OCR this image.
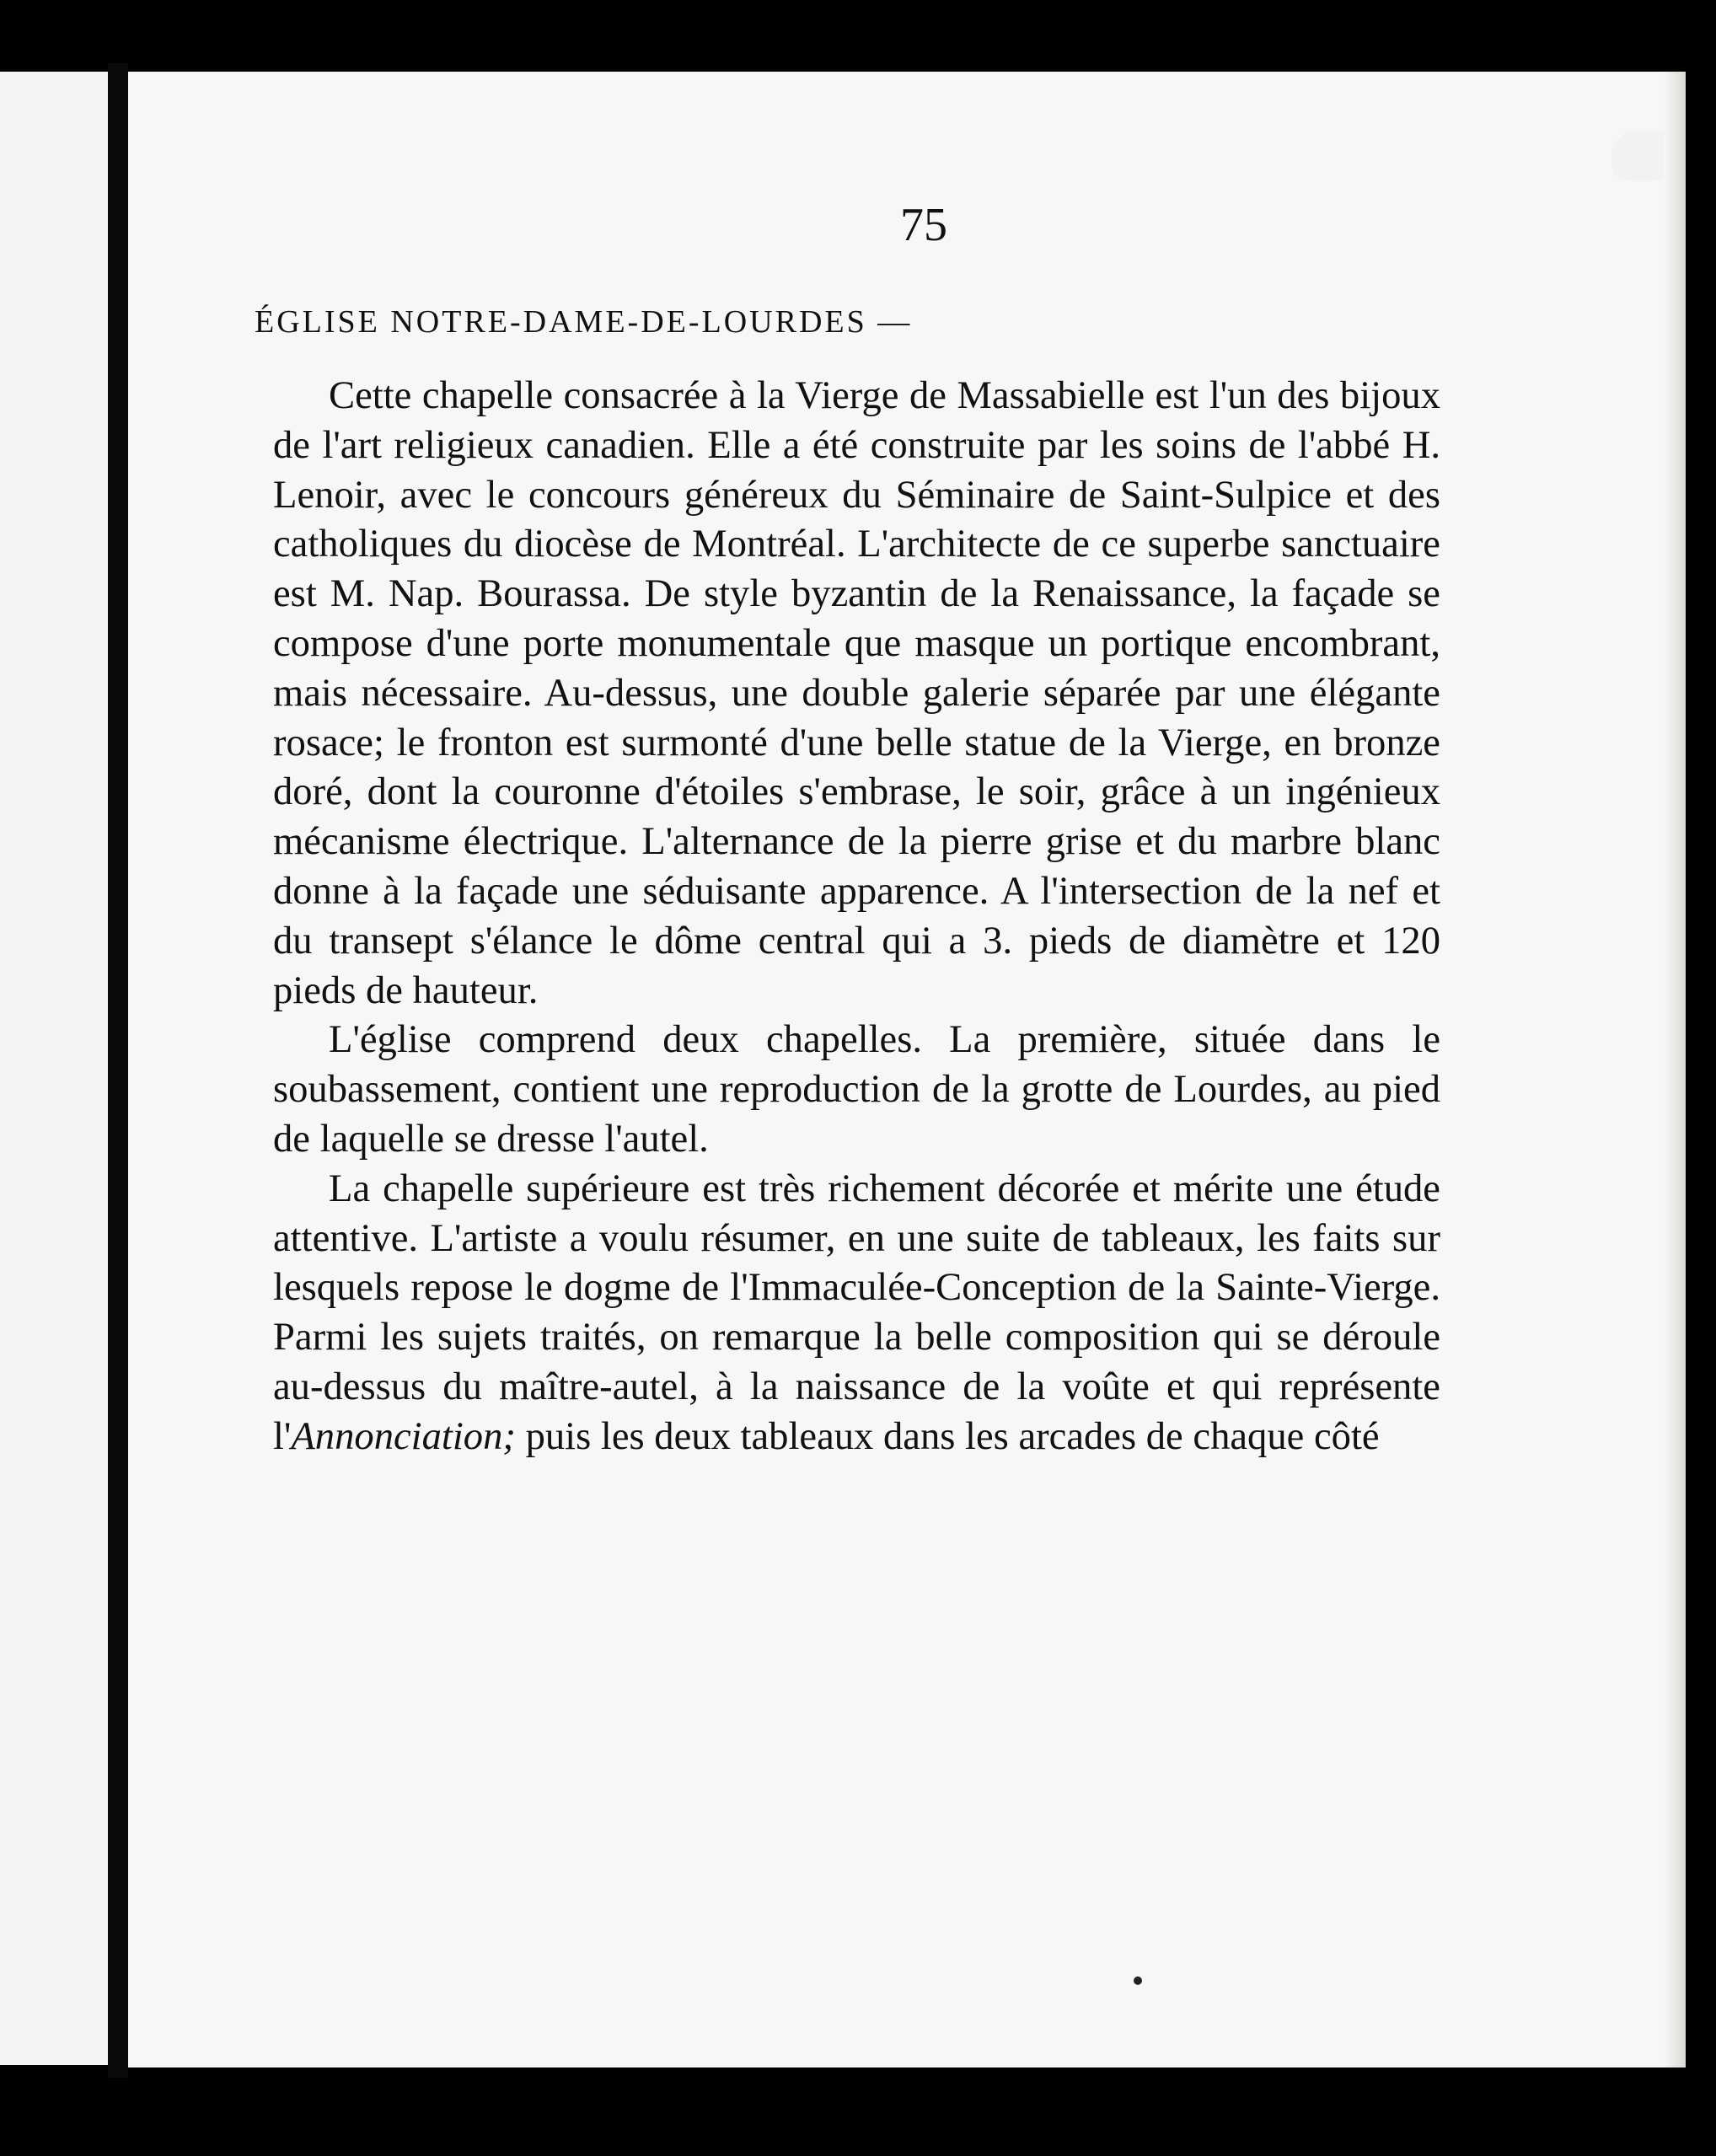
75
ÉGLISE NOTRE-DAME-DE-LOURDES —

Cette chapelle consacrée à la Vierge de Massabielle est l'un des bijoux de l'art religieux canadien. Elle a été construite par les soins de l'abbé H. Lenoir, avec le concours généreux du Séminaire de Saint-Sulpice et des catholiques du diocèse de Montréal. L'architecte de ce superbe sanctuaire est M. Nap. Bourassa. De style byzantin de la Renaissance, la façade se compose d'une porte monumentale que masque un portique encombrant, mais nécessaire. Au-dessus, une double galerie séparée par une élégante rosace; le fronton est surmonté d'une belle statue de la Vierge, en bronze doré, dont la couronne d'étoiles s'embrase, le soir, grâce à un ingénieux mécanisme électrique. L'alternance de la pierre grise et du marbre blanc donne à la façade une séduisante apparence. A l'intersection de la nef et du transept s'élance le dôme central qui a 3. pieds de diamètre et 120 pieds de hauteur.

L'église comprend deux chapelles. La première, située dans le soubassement, contient une reproduction de la grotte de Lourdes, au pied de laquelle se dresse l'autel.

La chapelle supérieure est très richement décorée et mérite une étude attentive. L'artiste a voulu résumer, en une suite de tableaux, les faits sur lesquels repose le dogme de l'Immaculée-Conception de la Sainte-Vierge. Parmi les sujets traités, on remarque la belle composition qui se déroule au-dessus du maître-autel, à la naissance de la voûte et qui représente l'Annonciation; puis les deux tableaux dans les arcades de chaque côté
